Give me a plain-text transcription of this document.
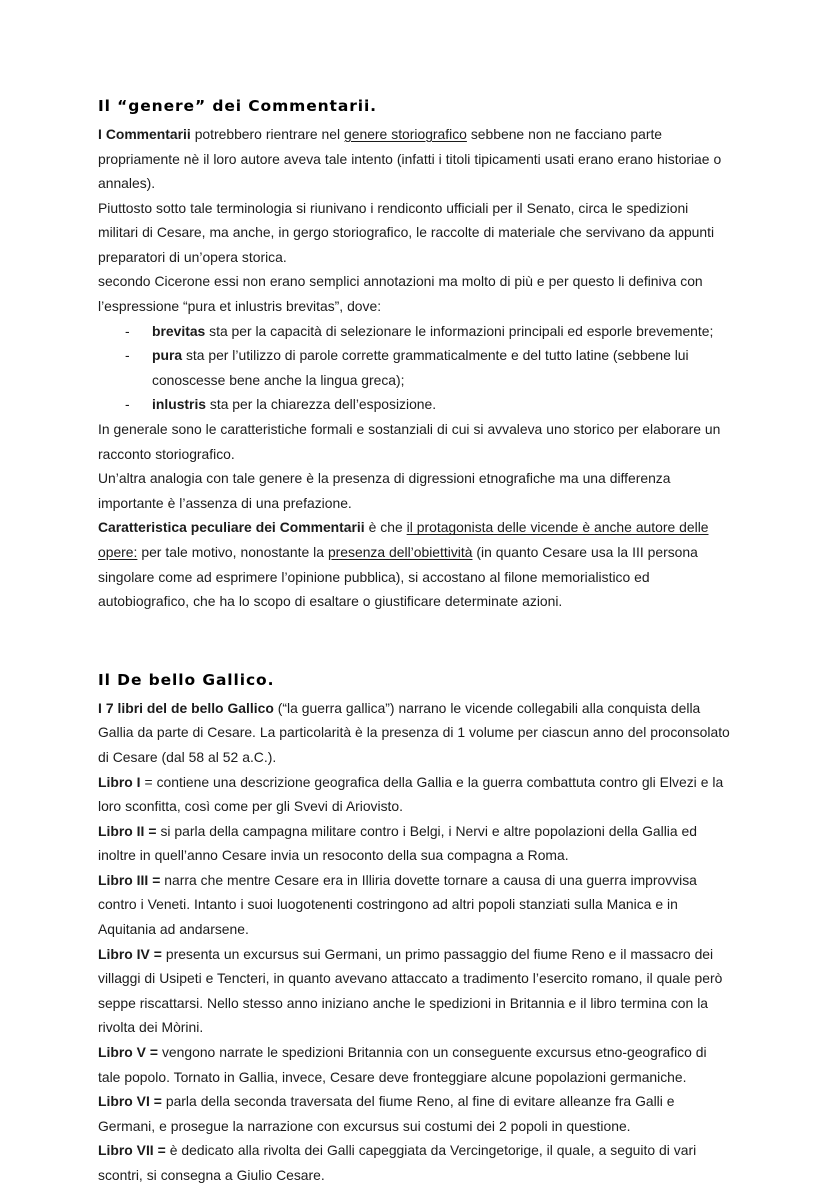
Il “genere” dei Commentarii.

I Commentarii potrebbero rientrare nel genere storiografico sebbene non ne facciano parte propriamente nè il loro autore aveva tale intento (infatti i titoli tipicamenti usati erano erano historiae o annales).

Piuttosto sotto tale terminologia si riunivano i rendiconto ufficiali per il Senato, circa le spedizioni militari di Cesare, ma anche, in gergo storiografico, le raccolte di materiale che servivano da appunti preparatori di un’opera storica.

secondo Cicerone essi non erano semplici annotazioni ma molto di più e per questo li definiva con l’espressione “pura et inlustris brevitas”, dove:

-	brevitas sta per la capacità di selezionare le informazioni principali ed esporle brevemente;
-	pura sta per l’utilizzo di parole corrette grammaticalmente e del tutto latine (sebbene lui conoscesse bene anche la lingua greca);
-	inlustris sta per la chiarezza dell’esposizione.

In generale sono le caratteristiche formali e sostanziali di cui si avvaleva uno storico per elaborare un racconto storiografico.

Un’altra analogia con tale genere è la presenza di digressioni etnografiche ma una differenza importante è l’assenza di una prefazione.

Caratteristica peculiare dei Commentarii è che il protagonista delle vicende è anche autore delle opere: per tale motivo, nonostante la presenza dell’obiettività (in quanto Cesare usa la III persona singolare come ad esprimere l’opinione pubblica), si accostano al filone memorialistico ed autobiografico, che ha lo scopo di esaltare o giustificare determinate azioni.

Il De bello Gallico.

I 7 libri del de bello Gallico (“la guerra gallica”) narrano le vicende collegabili alla conquista della Gallia da parte di Cesare. La particolarità è la presenza di 1 volume per ciascun anno del proconsolato di Cesare (dal 58 al 52 a.C.).

Libro I = contiene una descrizione geografica della Gallia e la guerra combattuta contro gli Elvezi e la loro sconfitta, così come per gli Svevi di Ariovisto.

Libro II = si parla della campagna militare contro i Belgi, i Nervi e altre popolazioni della Gallia ed inoltre in quell’anno Cesare invia un resoconto della sua compagna a Roma.

Libro III = narra che mentre Cesare era in Illiria dovette tornare a causa di una guerra improvvisa contro i Veneti. Intanto i suoi luogotenenti costringono ad altri popoli stanziati sulla Manica e in Aquitania ad andarsene.

Libro IV = presenta un excursus sui Germani, un primo passaggio del fiume Reno e il massacro dei villaggi di Usipeti e Tencteri, in quanto avevano attaccato a tradimento l’esercito romano, il quale però seppe riscattarsi. Nello stesso anno iniziano anche le spedizioni in Britannia e il libro termina con la rivolta dei Mòrini.

Libro V = vengono narrate le spedizioni Britannia con un conseguente excursus etno-geografico di tale popolo. Tornato in Gallia, invece, Cesare deve fronteggiare alcune popolazioni germaniche.

Libro VI = parla della seconda traversata del fiume Reno, al fine di evitare alleanze fra Galli e Germani, e prosegue la narrazione con excursus sui costumi dei 2 popoli in questione.

Libro VII = è dedicato alla rivolta dei Galli capeggiata da Vercingetorige, il quale, a seguito di vari scontri, si consegna a Giulio Cesare.
